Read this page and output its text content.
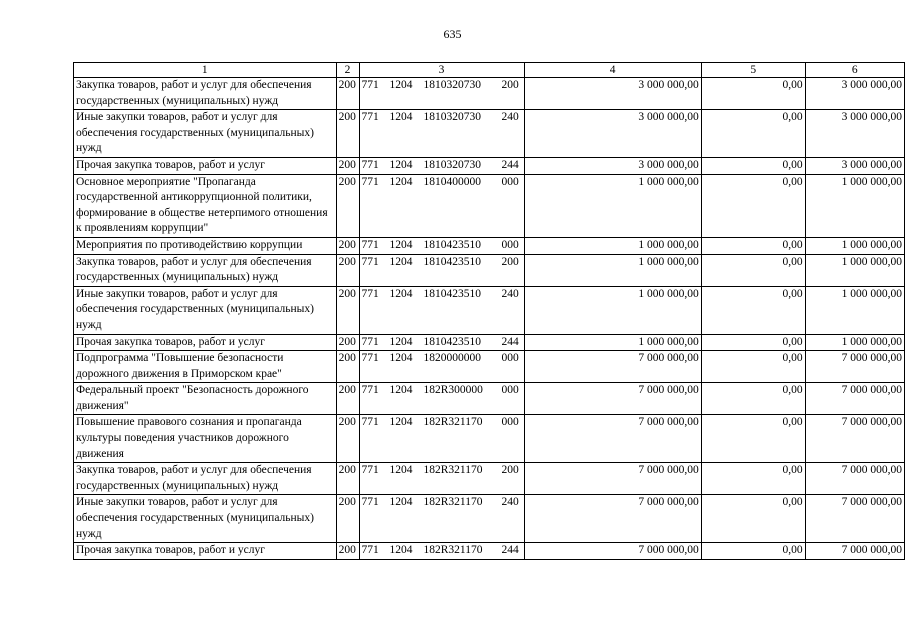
635
1	2	3	4	5	6
Закупка товаров, работ и услуг для обеспечения государственных (муниципальных) нужд	200	771 1204 1810320730 200	3 000 000,00	0,00	3 000 000,00
Иные закупки товаров, работ и услуг для обеспечения государственных (муниципальных) нужд	200	771 1204 1810320730 240	3 000 000,00	0,00	3 000 000,00
Прочая закупка товаров, работ и услуг	200	771 1204 1810320730 244	3 000 000,00	0,00	3 000 000,00
Основное мероприятие "Пропаганда государственной антикоррупционной политики, формирование в обществе нетерпимого отношения к проявлениям коррупции"	200	771 1204 1810400000 000	1 000 000,00	0,00	1 000 000,00
Мероприятия по противодействию коррупции	200	771 1204 1810423510 000	1 000 000,00	0,00	1 000 000,00
Закупка товаров, работ и услуг для обеспечения государственных (муниципальных) нужд	200	771 1204 1810423510 200	1 000 000,00	0,00	1 000 000,00
Иные закупки товаров, работ и услуг для обеспечения государственных (муниципальных) нужд	200	771 1204 1810423510 240	1 000 000,00	0,00	1 000 000,00
Прочая закупка товаров, работ и услуг	200	771 1204 1810423510 244	1 000 000,00	0,00	1 000 000,00
Подпрограмма "Повышение безопасности дорожного движения в Приморском крае"	200	771 1204 1820000000 000	7 000 000,00	0,00	7 000 000,00
Федеральный проект "Безопасность дорожного движения"	200	771 1204 182R300000 000	7 000 000,00	0,00	7 000 000,00
Повышение правового сознания и пропаганда культуры поведения участников дорожного движения	200	771 1204 182R321170 000	7 000 000,00	0,00	7 000 000,00
Закупка товаров, работ и услуг для обеспечения государственных (муниципальных) нужд	200	771 1204 182R321170 200	7 000 000,00	0,00	7 000 000,00
Иные закупки товаров, работ и услуг для обеспечения государственных (муниципальных) нужд	200	771 1204 182R321170 240	7 000 000,00	0,00	7 000 000,00
Прочая закупка товаров, работ и услуг	200	771 1204 182R321170 244	7 000 000,00	0,00	7 000 000,00
